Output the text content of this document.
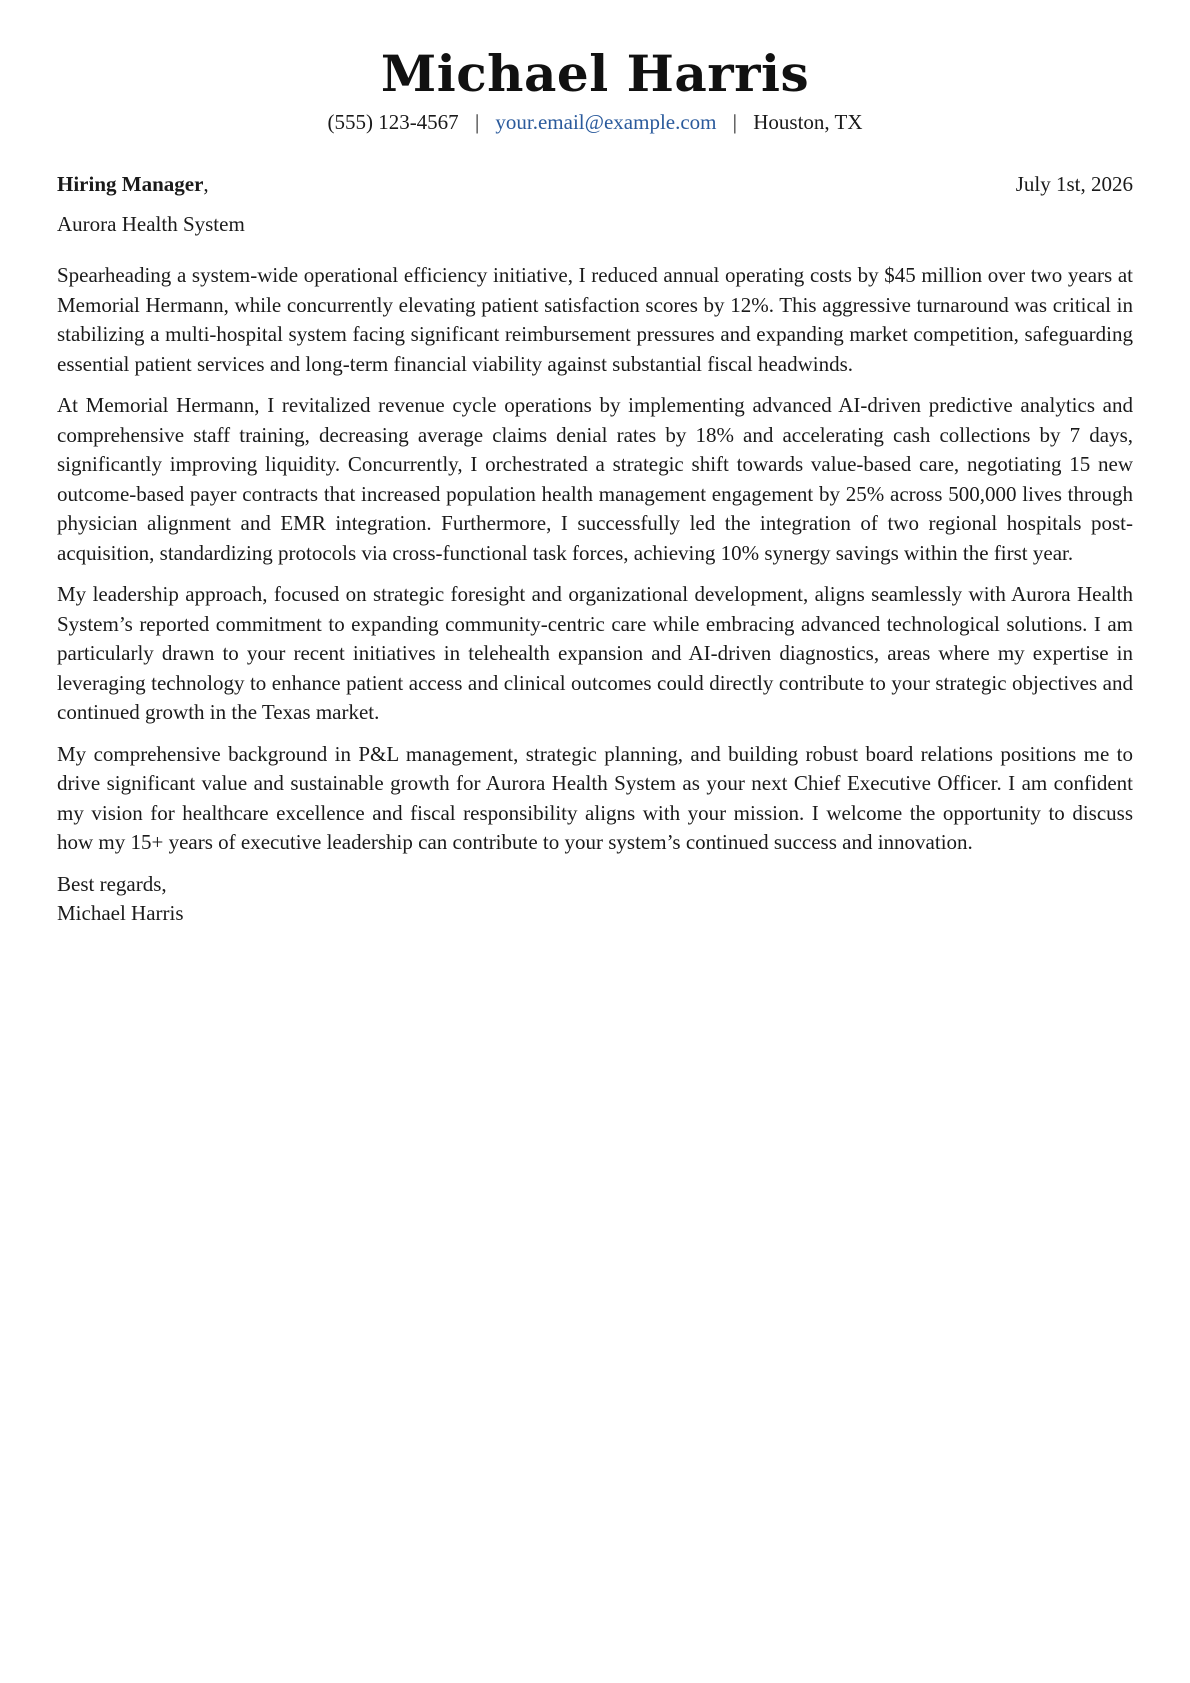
Michael Harris
(555) 123-4567 | your.email@example.com | Houston, TX
Hiring Manager,	July 1st, 2026
Aurora Health System

Spearheading a system-wide operational efficiency initiative, I reduced annual operating costs by $45 million over two years at Memorial Hermann, while concurrently elevating patient satisfaction scores by 12%. This aggressive turnaround was critical in stabilizing a multi-hospital system facing significant reimbursement pressures and expanding market competition, safeguarding essential patient services and long-term financial viability against substantial fiscal headwinds.

At Memorial Hermann, I revitalized revenue cycle operations by implementing advanced AI-driven predictive analytics and comprehensive staff training, decreasing average claims denial rates by 18% and accelerating cash collections by 7 days, significantly improving liquidity. Concurrently, I orchestrated a strategic shift towards value-based care, negotiating 15 new outcome-based payer contracts that increased population health management engagement by 25% across 500,000 lives through physician alignment and EMR integration. Furthermore, I successfully led the integration of two regional hospitals post-acquisition, standardizing protocols via cross-functional task forces, achieving 10% synergy savings within the first year.

My leadership approach, focused on strategic foresight and organizational development, aligns seamlessly with Aurora Health System’s reported commitment to expanding community-centric care while embracing advanced technological solutions. I am particularly drawn to your recent initiatives in telehealth expansion and AI-driven diagnostics, areas where my expertise in leveraging technology to enhance patient access and clinical outcomes could directly contribute to your strategic objectives and continued growth in the Texas market.

My comprehensive background in P&L management, strategic planning, and building robust board relations positions me to drive significant value and sustainable growth for Aurora Health System as your next Chief Executive Officer. I am confident my vision for healthcare excellence and fiscal responsibility aligns with your mission. I welcome the opportunity to discuss how my 15+ years of executive leadership can contribute to your system’s continued success and innovation.

Best regards,
Michael Harris
